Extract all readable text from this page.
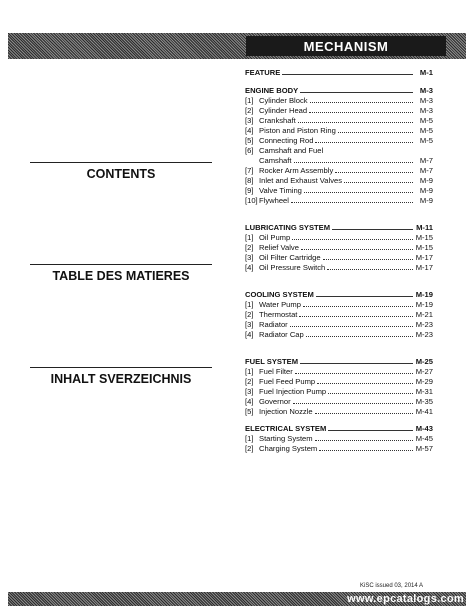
MECHANISM
CONTENTS
TABLE DES MATIERES
INHALT SVERZEICHNIS
FEATURE	M-1
ENGINE BODY	M-3
[1] Cylinder Block	M-3
[2] Cylinder Head	M-3
[3] Crankshaft	M-5
[4] Piston and Piston Ring	M-5
[5] Connecting Rod	M-5
[6] Camshaft and Fuel
Camshaft	M-7
[7] Rocker Arm Assembly	M-7
[8] Inlet and Exhaust Valves	M-9
[9] Valve Timing	M-9
[10] Flywheel	M-9
LUBRICATING SYSTEM	M-11
[1] Oil Pump	M-15
[2] Relief Valve	M-15
[3] Oil Filter Cartridge	M-17
[4] Oil Pressure Switch	M-17
COOLING SYSTEM	M-19
[1] Water Pump	M-19
[2] Thermostat	M-21
[3] Radiator	M-23
[4] Radiator Cap	M-23
FUEL SYSTEM	M-25
[1] Fuel Filter	M-27
[2] Fuel Feed Pump	M-29
[3] Fuel Injection Pump	M-31
[4] Governor	M-35
[5] Injection Nozzle	M-41
ELECTRICAL SYSTEM	M-43
[1] Starting System	M-45
[2] Charging System	M-57
KiSC issued 03, 2014 A
www.epcatalogs.com
